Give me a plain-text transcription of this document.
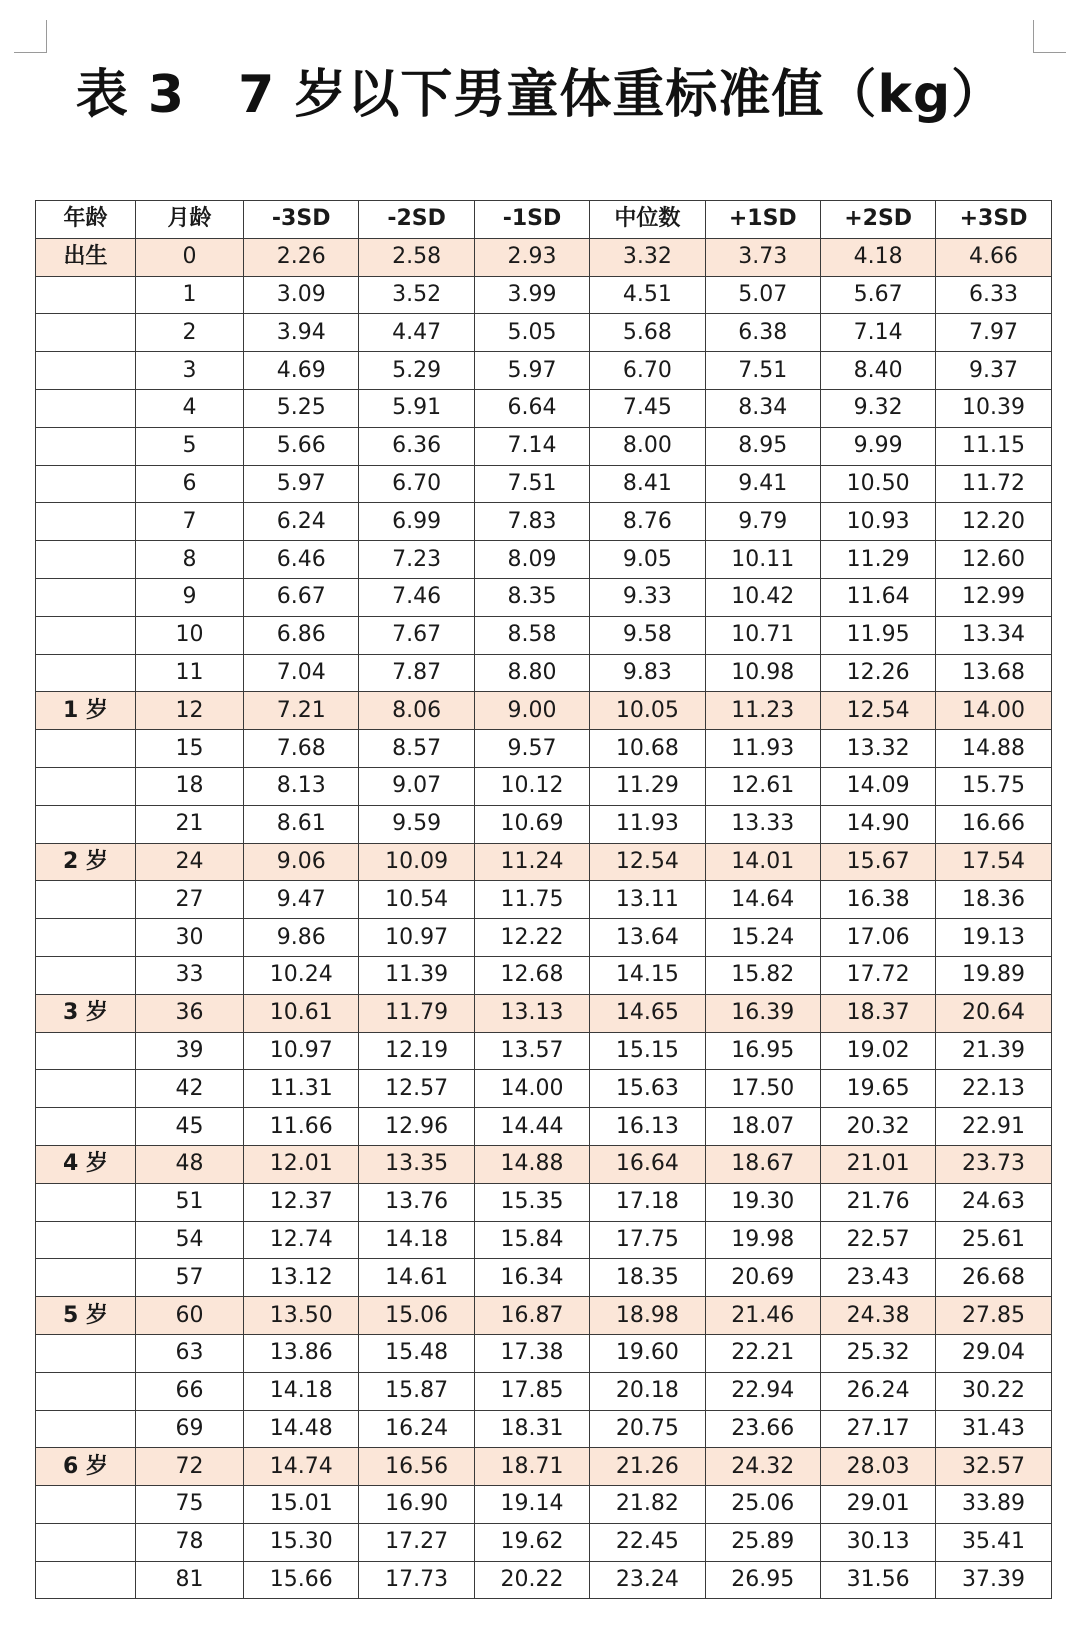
表 3　7 岁以下男童体重标准值（kg）
年龄	月龄	-3SD	-2SD	-1SD	中位数	+1SD	+2SD	+3SD
出生	0	2.26	2.58	2.93	3.32	3.73	4.18	4.66
	1	3.09	3.52	3.99	4.51	5.07	5.67	6.33
	2	3.94	4.47	5.05	5.68	6.38	7.14	7.97
	3	4.69	5.29	5.97	6.70	7.51	8.40	9.37
	4	5.25	5.91	6.64	7.45	8.34	9.32	10.39
	5	5.66	6.36	7.14	8.00	8.95	9.99	11.15
	6	5.97	6.70	7.51	8.41	9.41	10.50	11.72
	7	6.24	6.99	7.83	8.76	9.79	10.93	12.20
	8	6.46	7.23	8.09	9.05	10.11	11.29	12.60
	9	6.67	7.46	8.35	9.33	10.42	11.64	12.99
	10	6.86	7.67	8.58	9.58	10.71	11.95	13.34
	11	7.04	7.87	8.80	9.83	10.98	12.26	13.68
1 岁	12	7.21	8.06	9.00	10.05	11.23	12.54	14.00
	15	7.68	8.57	9.57	10.68	11.93	13.32	14.88
	18	8.13	9.07	10.12	11.29	12.61	14.09	15.75
	21	8.61	9.59	10.69	11.93	13.33	14.90	16.66
2 岁	24	9.06	10.09	11.24	12.54	14.01	15.67	17.54
	27	9.47	10.54	11.75	13.11	14.64	16.38	18.36
	30	9.86	10.97	12.22	13.64	15.24	17.06	19.13
	33	10.24	11.39	12.68	14.15	15.82	17.72	19.89
3 岁	36	10.61	11.79	13.13	14.65	16.39	18.37	20.64
	39	10.97	12.19	13.57	15.15	16.95	19.02	21.39
	42	11.31	12.57	14.00	15.63	17.50	19.65	22.13
	45	11.66	12.96	14.44	16.13	18.07	20.32	22.91
4 岁	48	12.01	13.35	14.88	16.64	18.67	21.01	23.73
	51	12.37	13.76	15.35	17.18	19.30	21.76	24.63
	54	12.74	14.18	15.84	17.75	19.98	22.57	25.61
	57	13.12	14.61	16.34	18.35	20.69	23.43	26.68
5 岁	60	13.50	15.06	16.87	18.98	21.46	24.38	27.85
	63	13.86	15.48	17.38	19.60	22.21	25.32	29.04
	66	14.18	15.87	17.85	20.18	22.94	26.24	30.22
	69	14.48	16.24	18.31	20.75	23.66	27.17	31.43
6 岁	72	14.74	16.56	18.71	21.26	24.32	28.03	32.57
	75	15.01	16.90	19.14	21.82	25.06	29.01	33.89
	78	15.30	17.27	19.62	22.45	25.89	30.13	35.41
	81	15.66	17.73	20.22	23.24	26.95	31.56	37.39
